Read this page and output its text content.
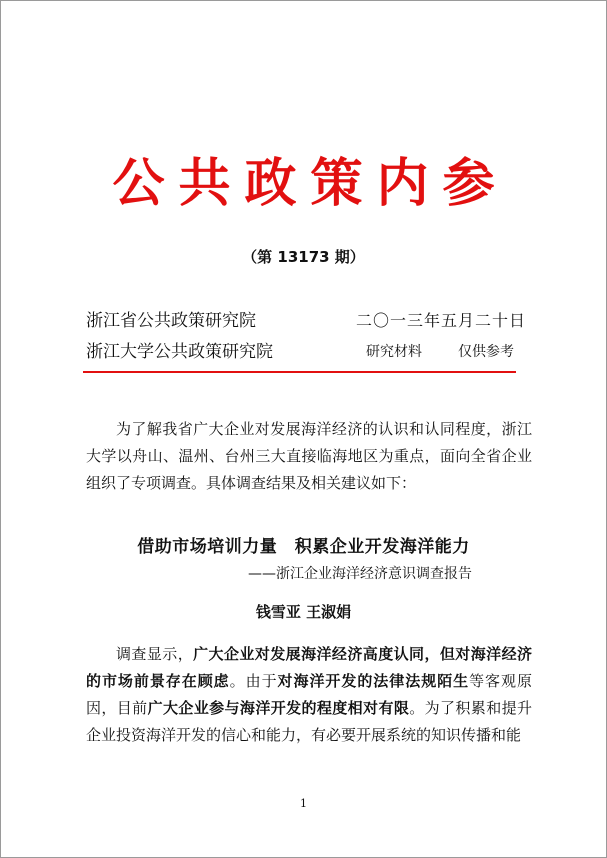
公共政策内参
（第 13173 期）
浙江省公共政策研究院	二〇一三年五月二十日
浙江大学公共政策研究院	研究材料	仅供参考
为了解我省广大企业对发展海洋经济的认识和认同程度，浙江大学以舟山、温州、台州三大直接临海地区为重点，面向全省企业组织了专项调查。具体调查结果及相关建议如下：
借助市场培训力量　积累企业开发海洋能力
——浙江企业海洋经济意识调查报告
钱雪亚 王淑娟
调查显示，广大企业对发展海洋经济高度认同，但对海洋经济的市场前景存在顾虑。由于对海洋开发的法律法规陌生等客观原因，目前广大企业参与海洋开发的程度相对有限。为了积累和提升企业投资海洋开发的信心和能力，有必要开展系统的知识传播和能
1
